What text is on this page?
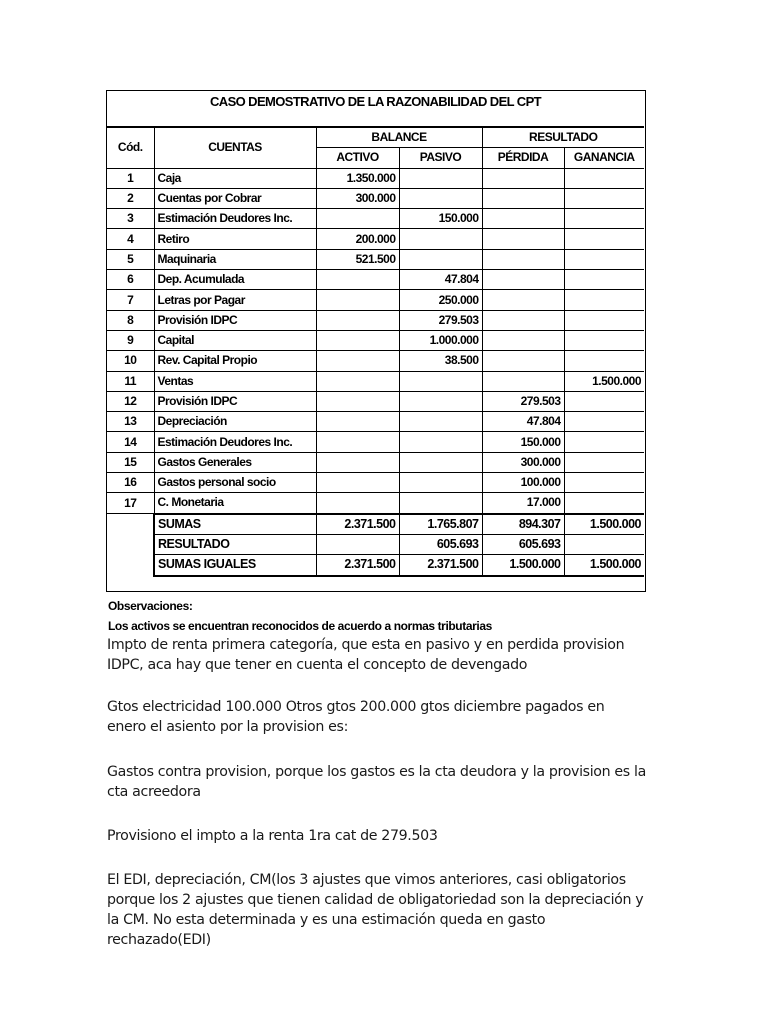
CASO DEMOSTRATIVO DE LA RAZONABILIDAD DEL CPT
Cód.	CUENTAS	BALANCE		RESULTADO	
		ACTIVO	PASIVO	PÉRDIDA	GANANCIA
1	Caja	1.350.000			
2	Cuentas por Cobrar	300.000			
3	Estimación Deudores Inc.		150.000		
4	Retiro	200.000			
5	Maquinaria	521.500			
6	Dep. Acumulada		47.804		
7	Letras por Pagar		250.000		
8	Provisión IDPC		279.503		
9	Capital		1.000.000		
10	Rev. Capital Propio		38.500		
11	Ventas				1.500.000
12	Provisión IDPC			279.503	
13	Depreciación			47.804	
14	Estimación Deudores Inc.			150.000	
15	Gastos Generales			300.000	
16	Gastos personal socio			100.000	
17	C. Monetaria			17.000	
	SUMAS	2.371.500	1.765.807	894.307	1.500.000
	RESULTADO		605.693	605.693	
	SUMAS IGUALES	2.371.500	2.371.500	1.500.000	1.500.000
Observaciones:
Los activos se encuentran reconocidos de acuerdo a normas tributarias
Impto de renta primera categoría, que esta en pasivo y en perdida provision IDPC, aca hay que tener en cuenta el concepto de devengado
Gtos electricidad 100.000 Otros gtos 200.000 gtos diciembre pagados en enero el asiento por la provision es:
Gastos contra provision, porque los gastos es la cta deudora y la provision es la cta acreedora
Provisiono el impto a la renta 1ra cat de 279.503
El EDI, depreciación, CM(los 3 ajustes que vimos anteriores, casi obligatorios porque los 2 ajustes que tienen calidad de obligatoriedad son la depreciación y la CM. No esta determinada y es una estimación queda en gasto rechazado(EDI)
